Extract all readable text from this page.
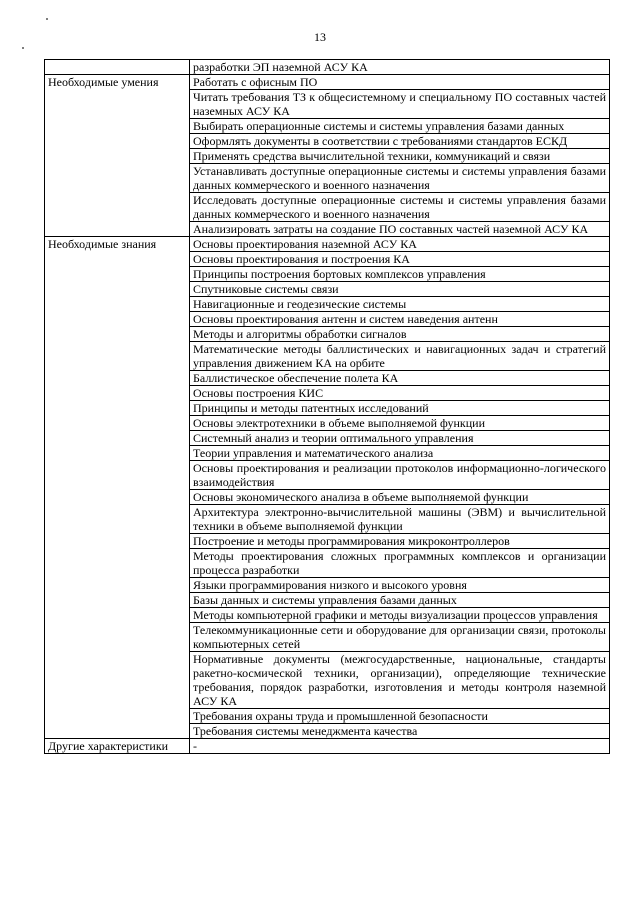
13
	разработки ЭП наземной АСУ КА
Необходимые умения	Работать с офисным ПО
	Читать требования ТЗ к общесистемному и специальному ПО составных частей наземных АСУ КА
	Выбирать операционные системы и системы управления базами данных
	Оформлять документы в соответствии с требованиями стандартов ЕСКД
	Применять средства вычислительной техники, коммуникаций и связи
	Устанавливать доступные операционные системы и системы управления базами данных коммерческого и военного назначения
	Исследовать доступные операционные системы и системы управления базами данных коммерческого и военного назначения
	Анализировать затраты на создание ПО составных частей наземной АСУ КА
Необходимые знания	Основы проектирования наземной АСУ КА
	Основы проектирования и построения КА
	Принципы построения бортовых комплексов управления
	Спутниковые системы связи
	Навигационные и геодезические системы
	Основы проектирования антенн и систем наведения антенн
	Методы и алгоритмы обработки сигналов
	Математические методы баллистических и навигационных задач и стратегий управления движением КА на орбите
	Баллистическое обеспечение полета КА
	Основы построения КИС
	Принципы и методы патентных исследований
	Основы электротехники в объеме выполняемой функции
	Системный анализ и теории оптимального управления
	Теории управления и математического анализа
	Основы проектирования и реализации протоколов информационно-логического взаимодействия
	Основы экономического анализа в объеме выполняемой функции
	Архитектура электронно-вычислительной машины (ЭВМ) и вычислительной техники в объеме выполняемой функции
	Построение и методы программирования микроконтроллеров
	Методы проектирования сложных программных комплексов и организации процесса разработки
	Языки программирования низкого и высокого уровня
	Базы данных и системы управления базами данных
	Методы компьютерной графики и методы визуализации процессов управления
	Телекоммуникационные сети и оборудование для организации связи, протоколы компьютерных сетей
	Нормативные документы (межгосударственные, национальные, стандарты ракетно-космической техники, организации), определяющие технические требования, порядок разработки, изготовления и методы контроля наземной АСУ КА
	Требования охраны труда и промышленной безопасности
	Требования системы менеджмента качества
Другие характеристики	-
